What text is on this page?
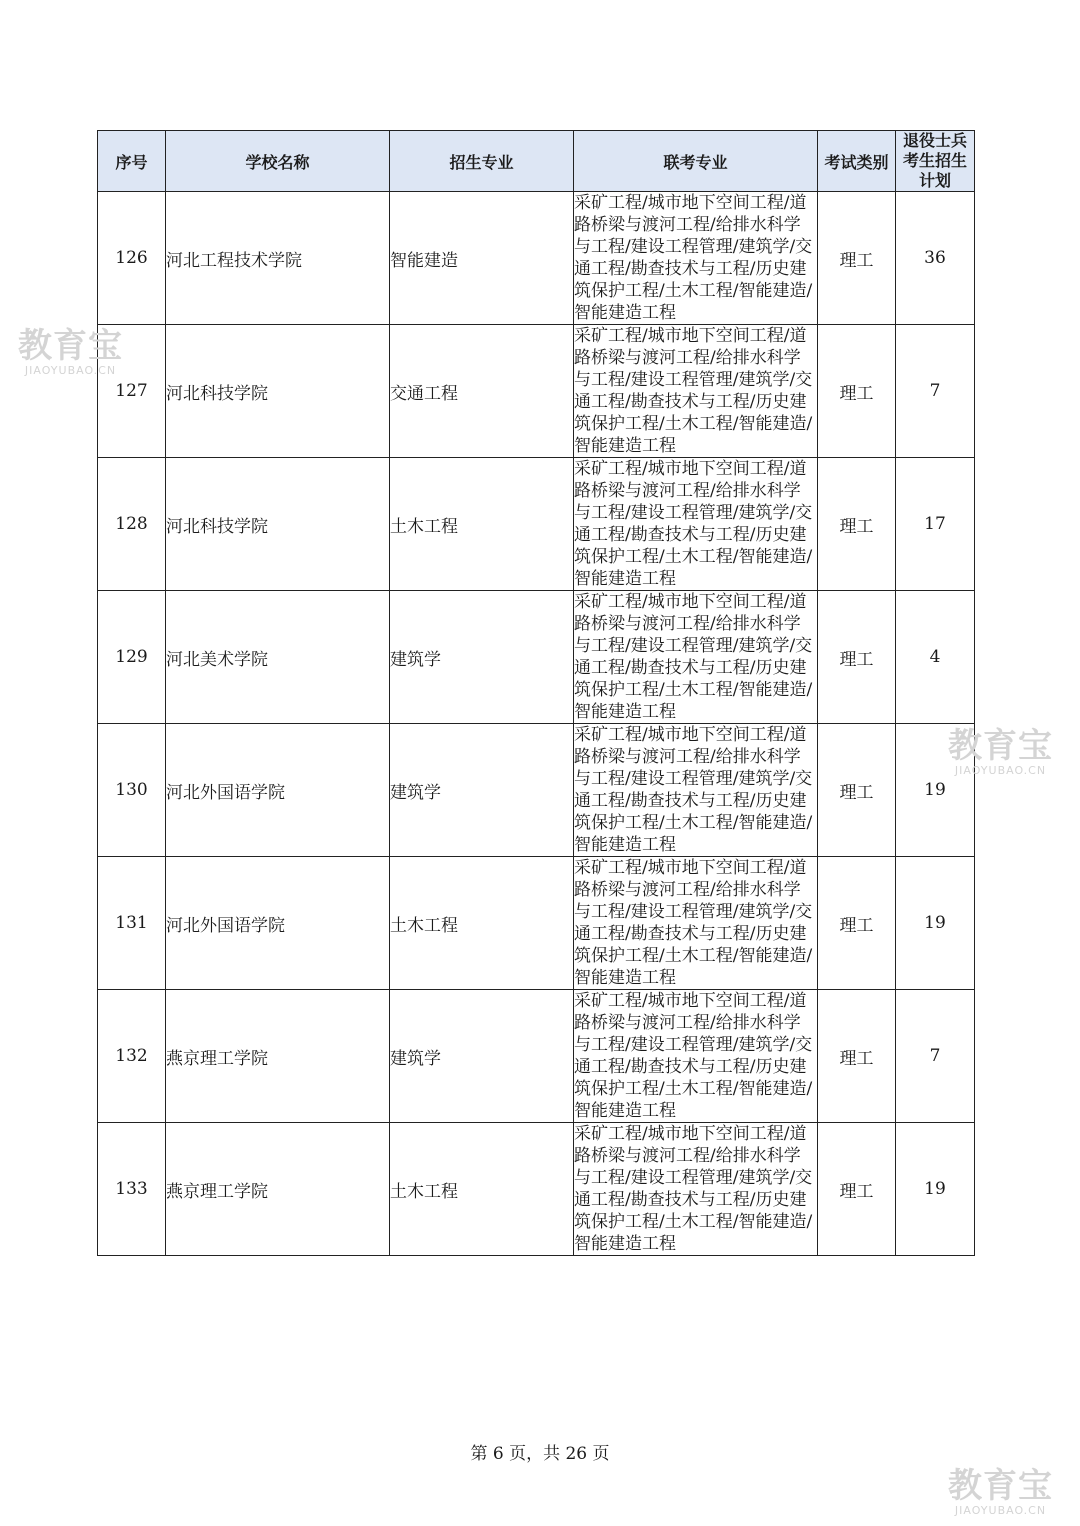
序号	学校名称	招生专业	联考专业	考试类别	退役士兵考生招生计划
126	河北工程技术学院	智能建造	采矿工程/城市地下空间工程/道路桥梁与渡河工程/给排水科学与工程/建设工程管理/建筑学/交通工程/勘查技术与工程/历史建筑保护工程/土木工程/智能建造/智能建造工程	理工	36
127	河北科技学院	交通工程	采矿工程/城市地下空间工程/道路桥梁与渡河工程/给排水科学与工程/建设工程管理/建筑学/交通工程/勘查技术与工程/历史建筑保护工程/土木工程/智能建造/智能建造工程	理工	7
128	河北科技学院	土木工程	采矿工程/城市地下空间工程/道路桥梁与渡河工程/给排水科学与工程/建设工程管理/建筑学/交通工程/勘查技术与工程/历史建筑保护工程/土木工程/智能建造/智能建造工程	理工	17
129	河北美术学院	建筑学	采矿工程/城市地下空间工程/道路桥梁与渡河工程/给排水科学与工程/建设工程管理/建筑学/交通工程/勘查技术与工程/历史建筑保护工程/土木工程/智能建造/智能建造工程	理工	4
130	河北外国语学院	建筑学	采矿工程/城市地下空间工程/道路桥梁与渡河工程/给排水科学与工程/建设工程管理/建筑学/交通工程/勘查技术与工程/历史建筑保护工程/土木工程/智能建造/智能建造工程	理工	19
131	河北外国语学院	土木工程	采矿工程/城市地下空间工程/道路桥梁与渡河工程/给排水科学与工程/建设工程管理/建筑学/交通工程/勘查技术与工程/历史建筑保护工程/土木工程/智能建造/智能建造工程	理工	19
132	燕京理工学院	建筑学	采矿工程/城市地下空间工程/道路桥梁与渡河工程/给排水科学与工程/建设工程管理/建筑学/交通工程/勘查技术与工程/历史建筑保护工程/土木工程/智能建造/智能建造工程	理工	7
133	燕京理工学院	土木工程	采矿工程/城市地下空间工程/道路桥梁与渡河工程/给排水科学与工程/建设工程管理/建筑学/交通工程/勘查技术与工程/历史建筑保护工程/土木工程/智能建造/智能建造工程	理工	19
第 6 页，共 26 页
教育宝
JIAOYUBAO.CN
教育宝
JIAOYUBAO.CN
教育宝
JIAOYUBAO.CN
